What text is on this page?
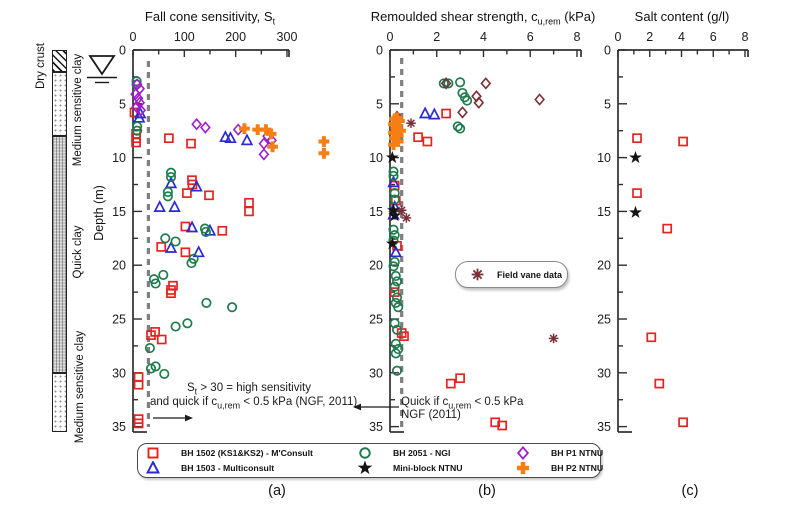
0	100 200 300
0
5
10
15
20
25
30
35
0	2	4	6	8
0
5
10
15
20
25
30
35
0 2 4 6 8
0
5
10
15
20
25
30
35
Dry crust Medium sensitive clay
Quick clay
Medium sensitive clay
Depth (m)
Fall cone sensitivity, $S_t$	Remoulded shear strength, $c_{u,rem}$ (kPa)	Salt content (g/l)
$S_t > 30$ = high sensitivity
and quick if $c_{u,rem} < 0.5$ kPa (NGF, 2011)	Quick if $c_{u,rem} < 0.5$ kPa
NGF (2011)
Field vane data
BH 1502 (KS1&KS2) - M'Consult
BH 1503 - Multiconsult
BH 2051 - NGI
Mini-block NTNU
BH P1 NTNU
BH P2 NTNU
(a)	(b)	(c)
